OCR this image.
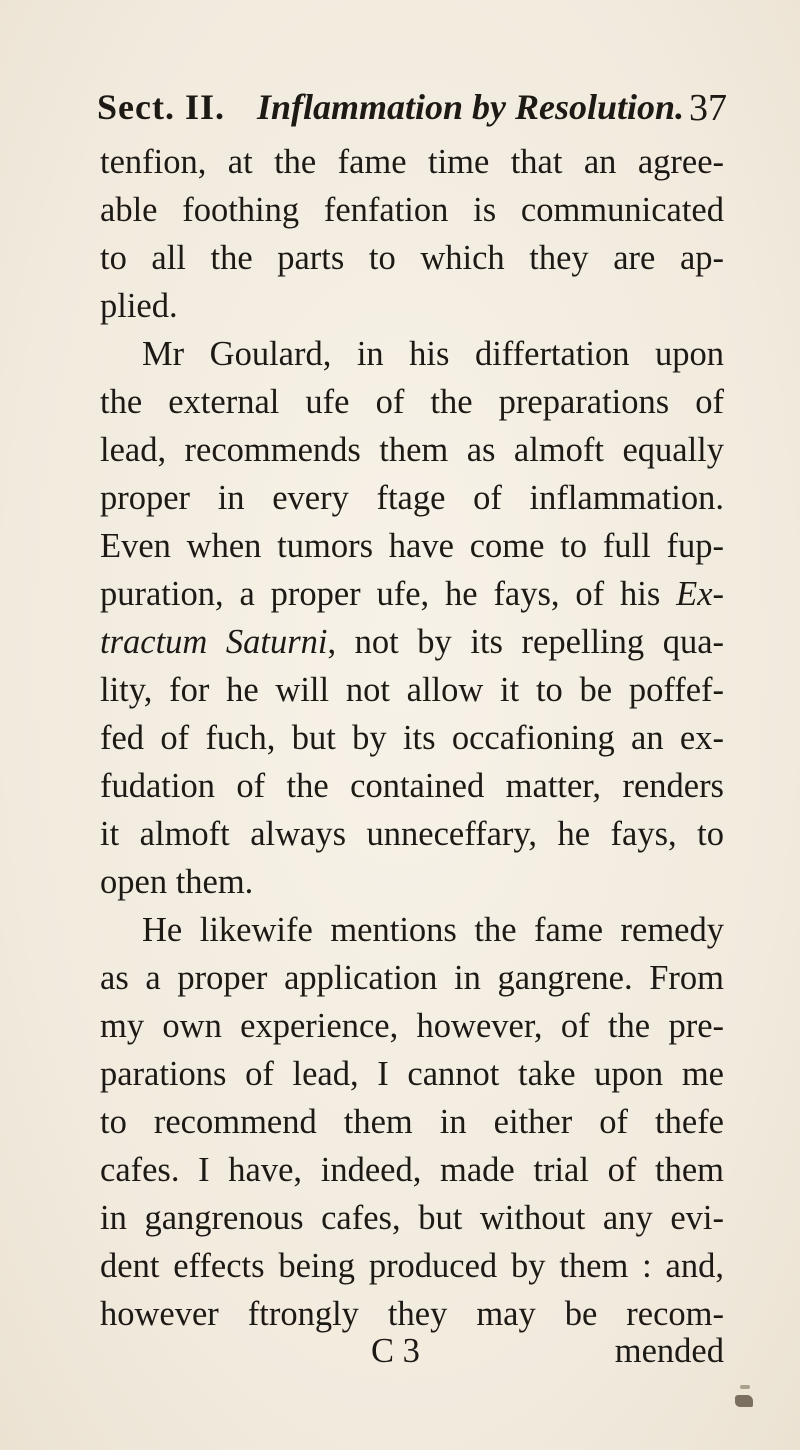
Sect. II. Inflammation by Resolution. 37
tenfion, at the fame time that an agree-
able foothing fenfation is communicated
to all the parts to which they are ap-
plied.
Mr Goulard, in his differtation upon
the external ufe of the preparations of
lead, recommends them as almoft equally
proper in every ftage of inflammation.
Even when tumors have come to full fup-
puration, a proper ufe, he fays, of his Ex-
tractum Saturni, not by its repelling qua-
lity, for he will not allow it to be poffef-
fed of fuch, but by its occafioning an ex-
fudation of the contained matter, renders
it almoft always unneceffary, he fays, to
open them.
He likewife mentions the fame remedy
as a proper application in gangrene. From
my own experience, however, of the pre-
parations of lead, I cannot take upon me
to recommend them in either of thefe
cafes. I have, indeed, made trial of them
in gangrenous cafes, but without any evi-
dent effects being produced by them : and,
however ftrongly they may be recom-
C 3	mended
